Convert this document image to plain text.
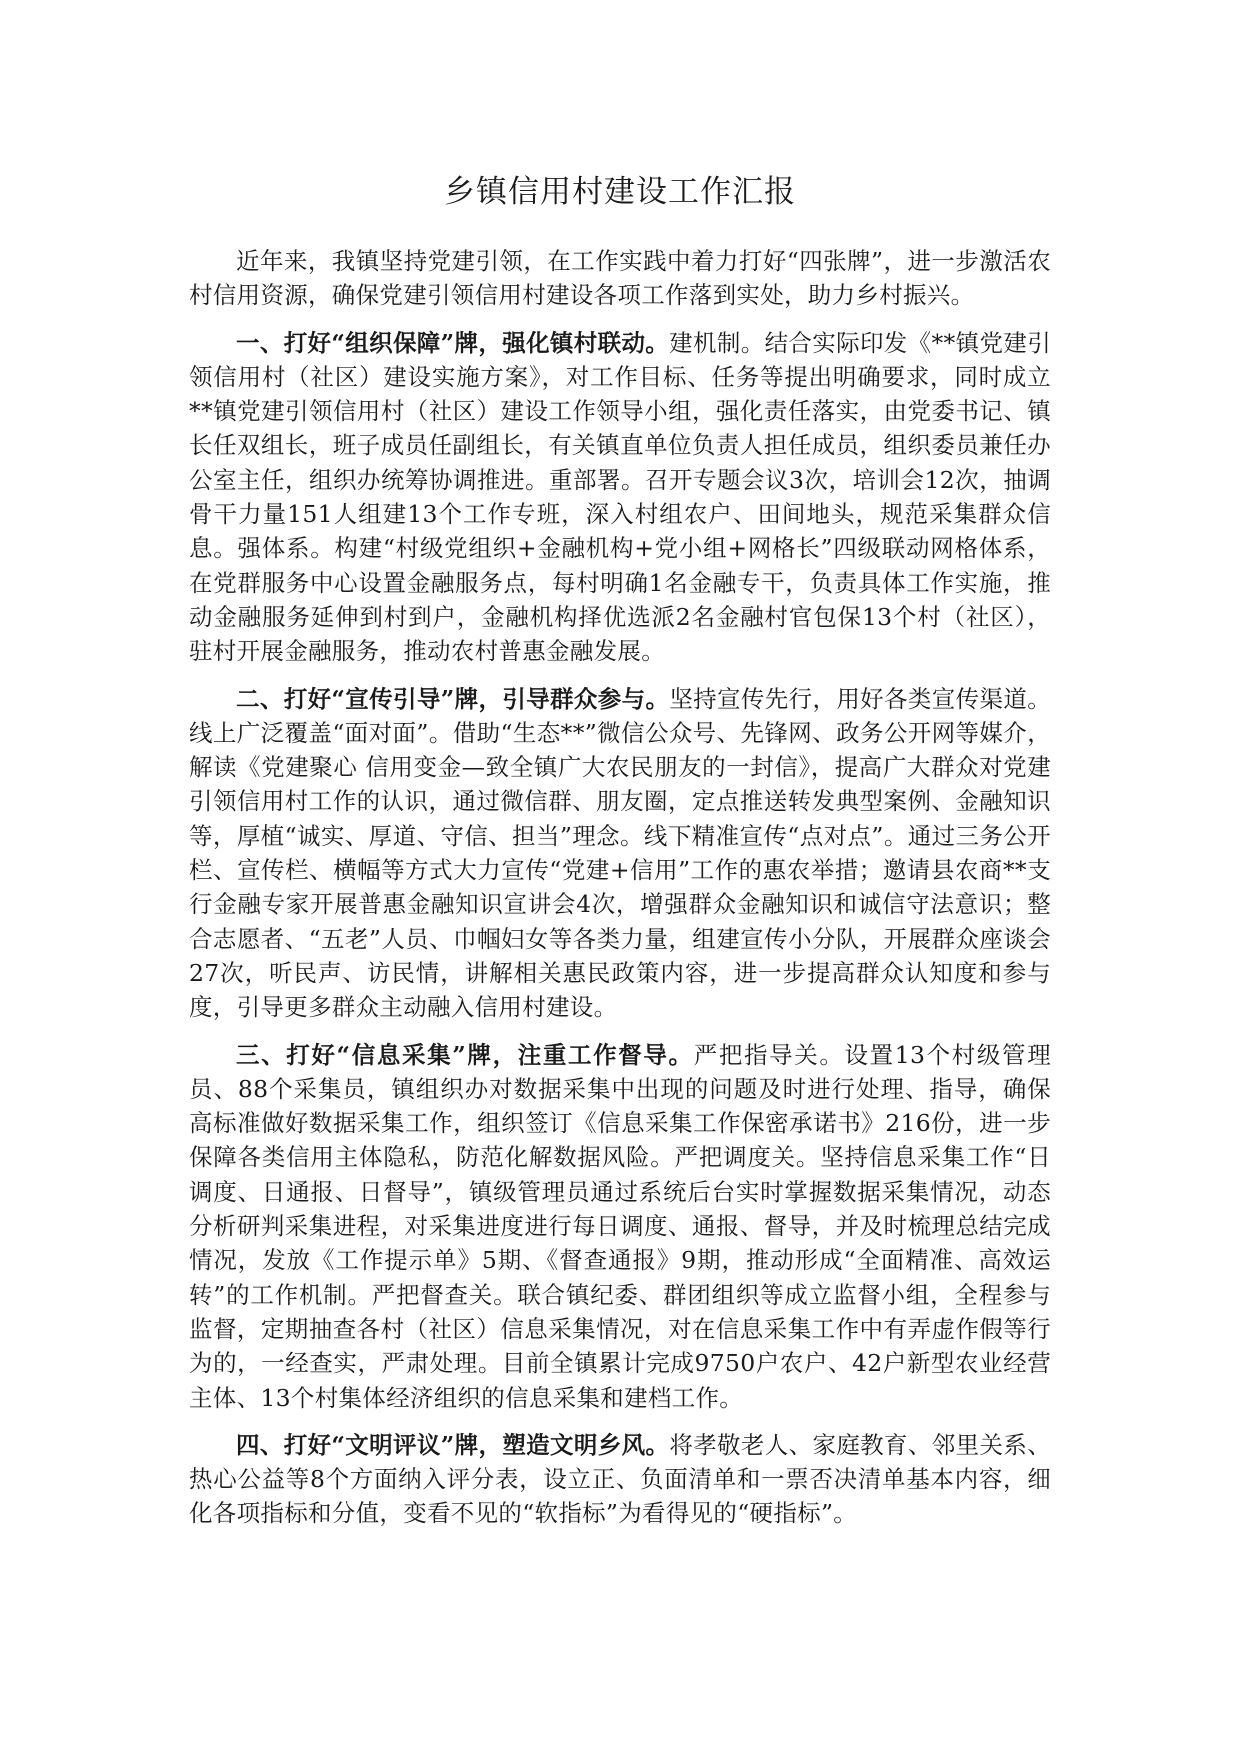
乡镇信用村建设工作汇报

近年来，我镇坚持党建引领，在工作实践中着力打好“四张牌”，进一步激活农村信用资源，确保党建引领信用村建设各项工作落到实处，助力乡村振兴。

一、打好“组织保障”牌，强化镇村联动。建机制。结合实际印发《**镇党建引领信用村（社区）建设实施方案》，对工作目标、任务等提出明确要求，同时成立**镇党建引领信用村（社区）建设工作领导小组，强化责任落实，由党委书记、镇长任双组长，班子成员任副组长，有关镇直单位负责人担任成员，组织委员兼任办公室主任，组织办统筹协调推进。重部署。召开专题会议3次，培训会12次，抽调骨干力量151人组建13个工作专班，深入村组农户、田间地头，规范采集群众信息。强体系。构建“村级党组织+金融机构+党小组+网格长”四级联动网格体系，在党群服务中心设置金融服务点，每村明确1名金融专干，负责具体工作实施，推动金融服务延伸到村到户，金融机构择优选派2名金融村官包保13个村（社区），驻村开展金融服务，推动农村普惠金融发展。

二、打好“宣传引导”牌，引导群众参与。坚持宣传先行，用好各类宣传渠道。线上广泛覆盖“面对面”。借助“生态**”微信公众号、先锋网、政务公开网等媒介，解读《党建聚心 信用变金—致全镇广大农民朋友的一封信》，提高广大群众对党建引领信用村工作的认识，通过微信群、朋友圈，定点推送转发典型案例、金融知识等，厚植“诚实、厚道、守信、担当”理念。线下精准宣传“点对点”。通过三务公开栏、宣传栏、横幅等方式大力宣传“党建+信用”工作的惠农举措；邀请县农商**支行金融专家开展普惠金融知识宣讲会4次，增强群众金融知识和诚信守法意识；整合志愿者、“五老”人员、巾帼妇女等各类力量，组建宣传小分队，开展群众座谈会27次，听民声、访民情，讲解相关惠民政策内容，进一步提高群众认知度和参与度，引导更多群众主动融入信用村建设。

三、打好“信息采集”牌，注重工作督导。严把指导关。设置13个村级管理员、88个采集员，镇组织办对数据采集中出现的问题及时进行处理、指导，确保高标准做好数据采集工作，组织签订《信息采集工作保密承诺书》216份，进一步保障各类信用主体隐私，防范化解数据风险。严把调度关。坚持信息采集工作“日调度、日通报、日督导”，镇级管理员通过系统后台实时掌握数据采集情况，动态分析研判采集进程，对采集进度进行每日调度、通报、督导，并及时梳理总结完成情况，发放《工作提示单》5期、《督查通报》9期，推动形成“全面精准、高效运转”的工作机制。严把督查关。联合镇纪委、群团组织等成立监督小组，全程参与监督，定期抽查各村（社区）信息采集情况，对在信息采集工作中有弄虚作假等行为的，一经查实，严肃处理。目前全镇累计完成9750户农户、42户新型农业经营主体、13个村集体经济组织的信息采集和建档工作。

四、打好“文明评议”牌，塑造文明乡风。将孝敬老人、家庭教育、邻里关系、热心公益等8个方面纳入评分表，设立正、负面清单和一票否决清单基本内容，细化各项指标和分值，变看不见的“软指标”为看得见的“硬指标”。
